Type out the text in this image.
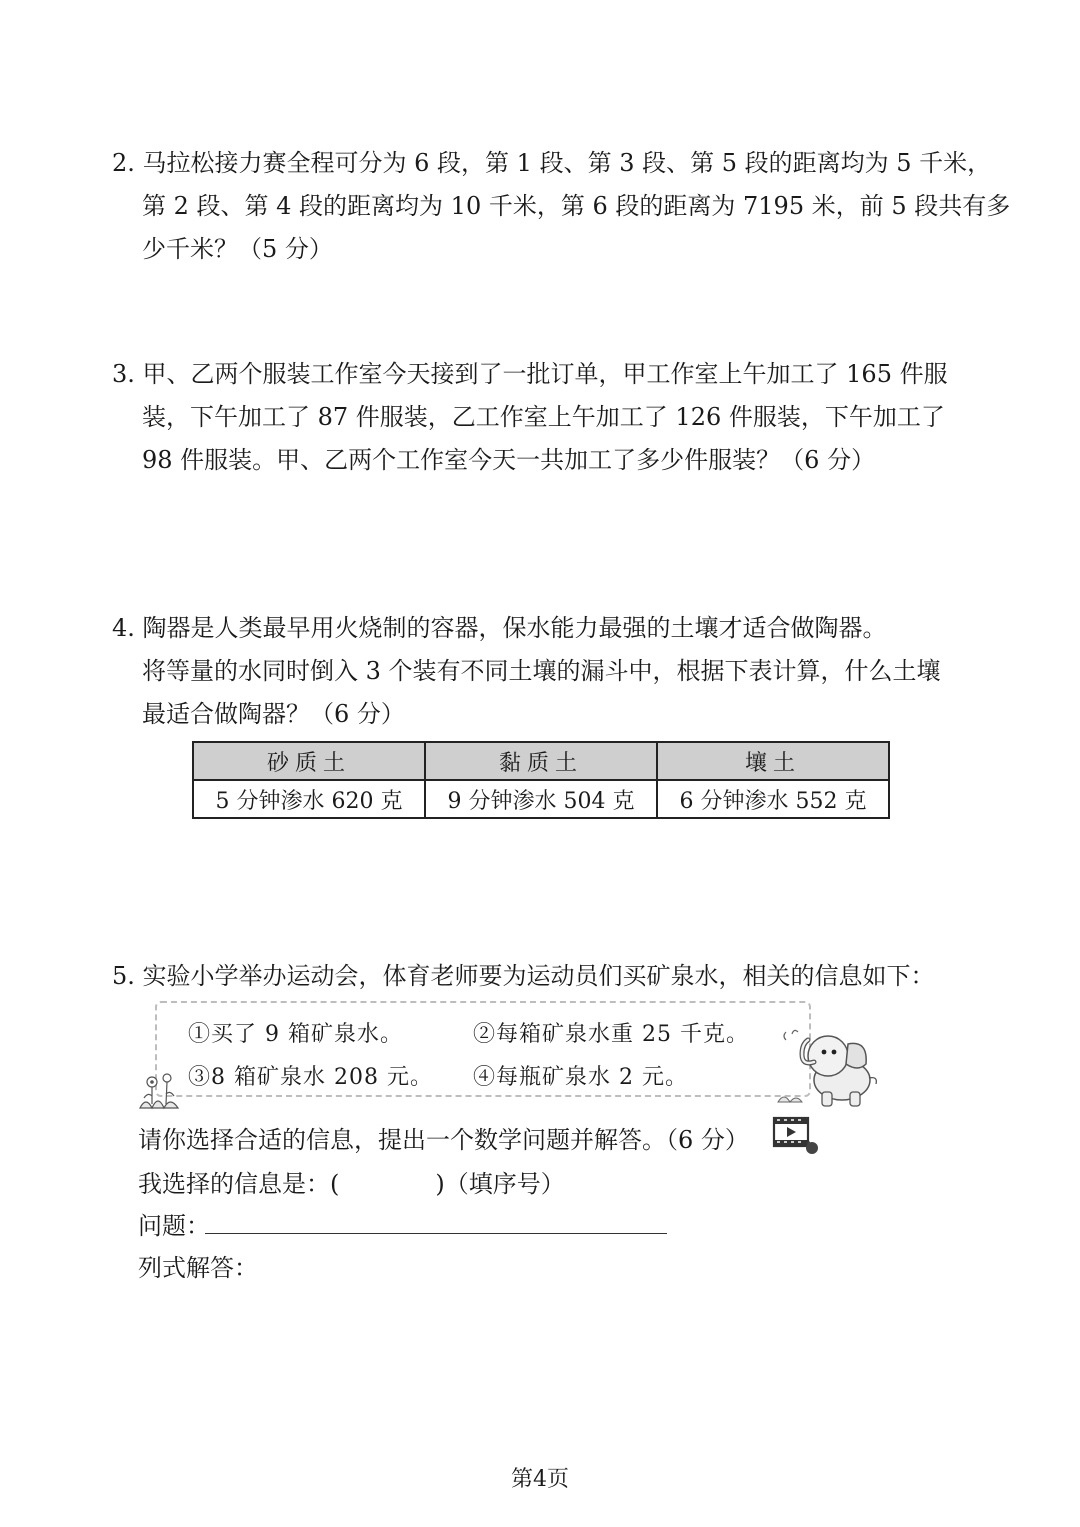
2. 马拉松接力赛全程可分为 6 段，第 1 段、第 3 段、第 5 段的距离均为 5 千米，
第 2 段、第 4 段的距离均为 10 千米，第 6 段的距离为 7195 米，前 5 段共有多
少千米？（5 分）
3. 甲、乙两个服装工作室今天接到了一批订单，甲工作室上午加工了 165 件服
装，下午加工了 87 件服装，乙工作室上午加工了 126 件服装，下午加工了
98 件服装。甲、乙两个工作室今天一共加工了多少件服装？（6 分）
4. 陶器是人类最早用火烧制的容器，保水能力最强的土壤才适合做陶器。
将等量的水同时倒入 3 个装有不同土壤的漏斗中，根据下表计算，什么土壤
最适合做陶器？（6 分）
砂质土	黏质土	壤土
5 分钟渗水 620 克	9 分钟渗水 504 克	6 分钟渗水 552 克
5. 实验小学举办运动会，体育老师要为运动员们买矿泉水，相关的信息如下：
①买了 9 箱矿泉水。	②每箱矿泉水重 25 千克。
③8 箱矿泉水 208 元。 ④每瓶矿泉水 2 元。
请你选择合适的信息，提出一个数学问题并解答。（6 分）
我选择的信息是：(　　　　)（填序号）
问题：
列式解答：
第4页
